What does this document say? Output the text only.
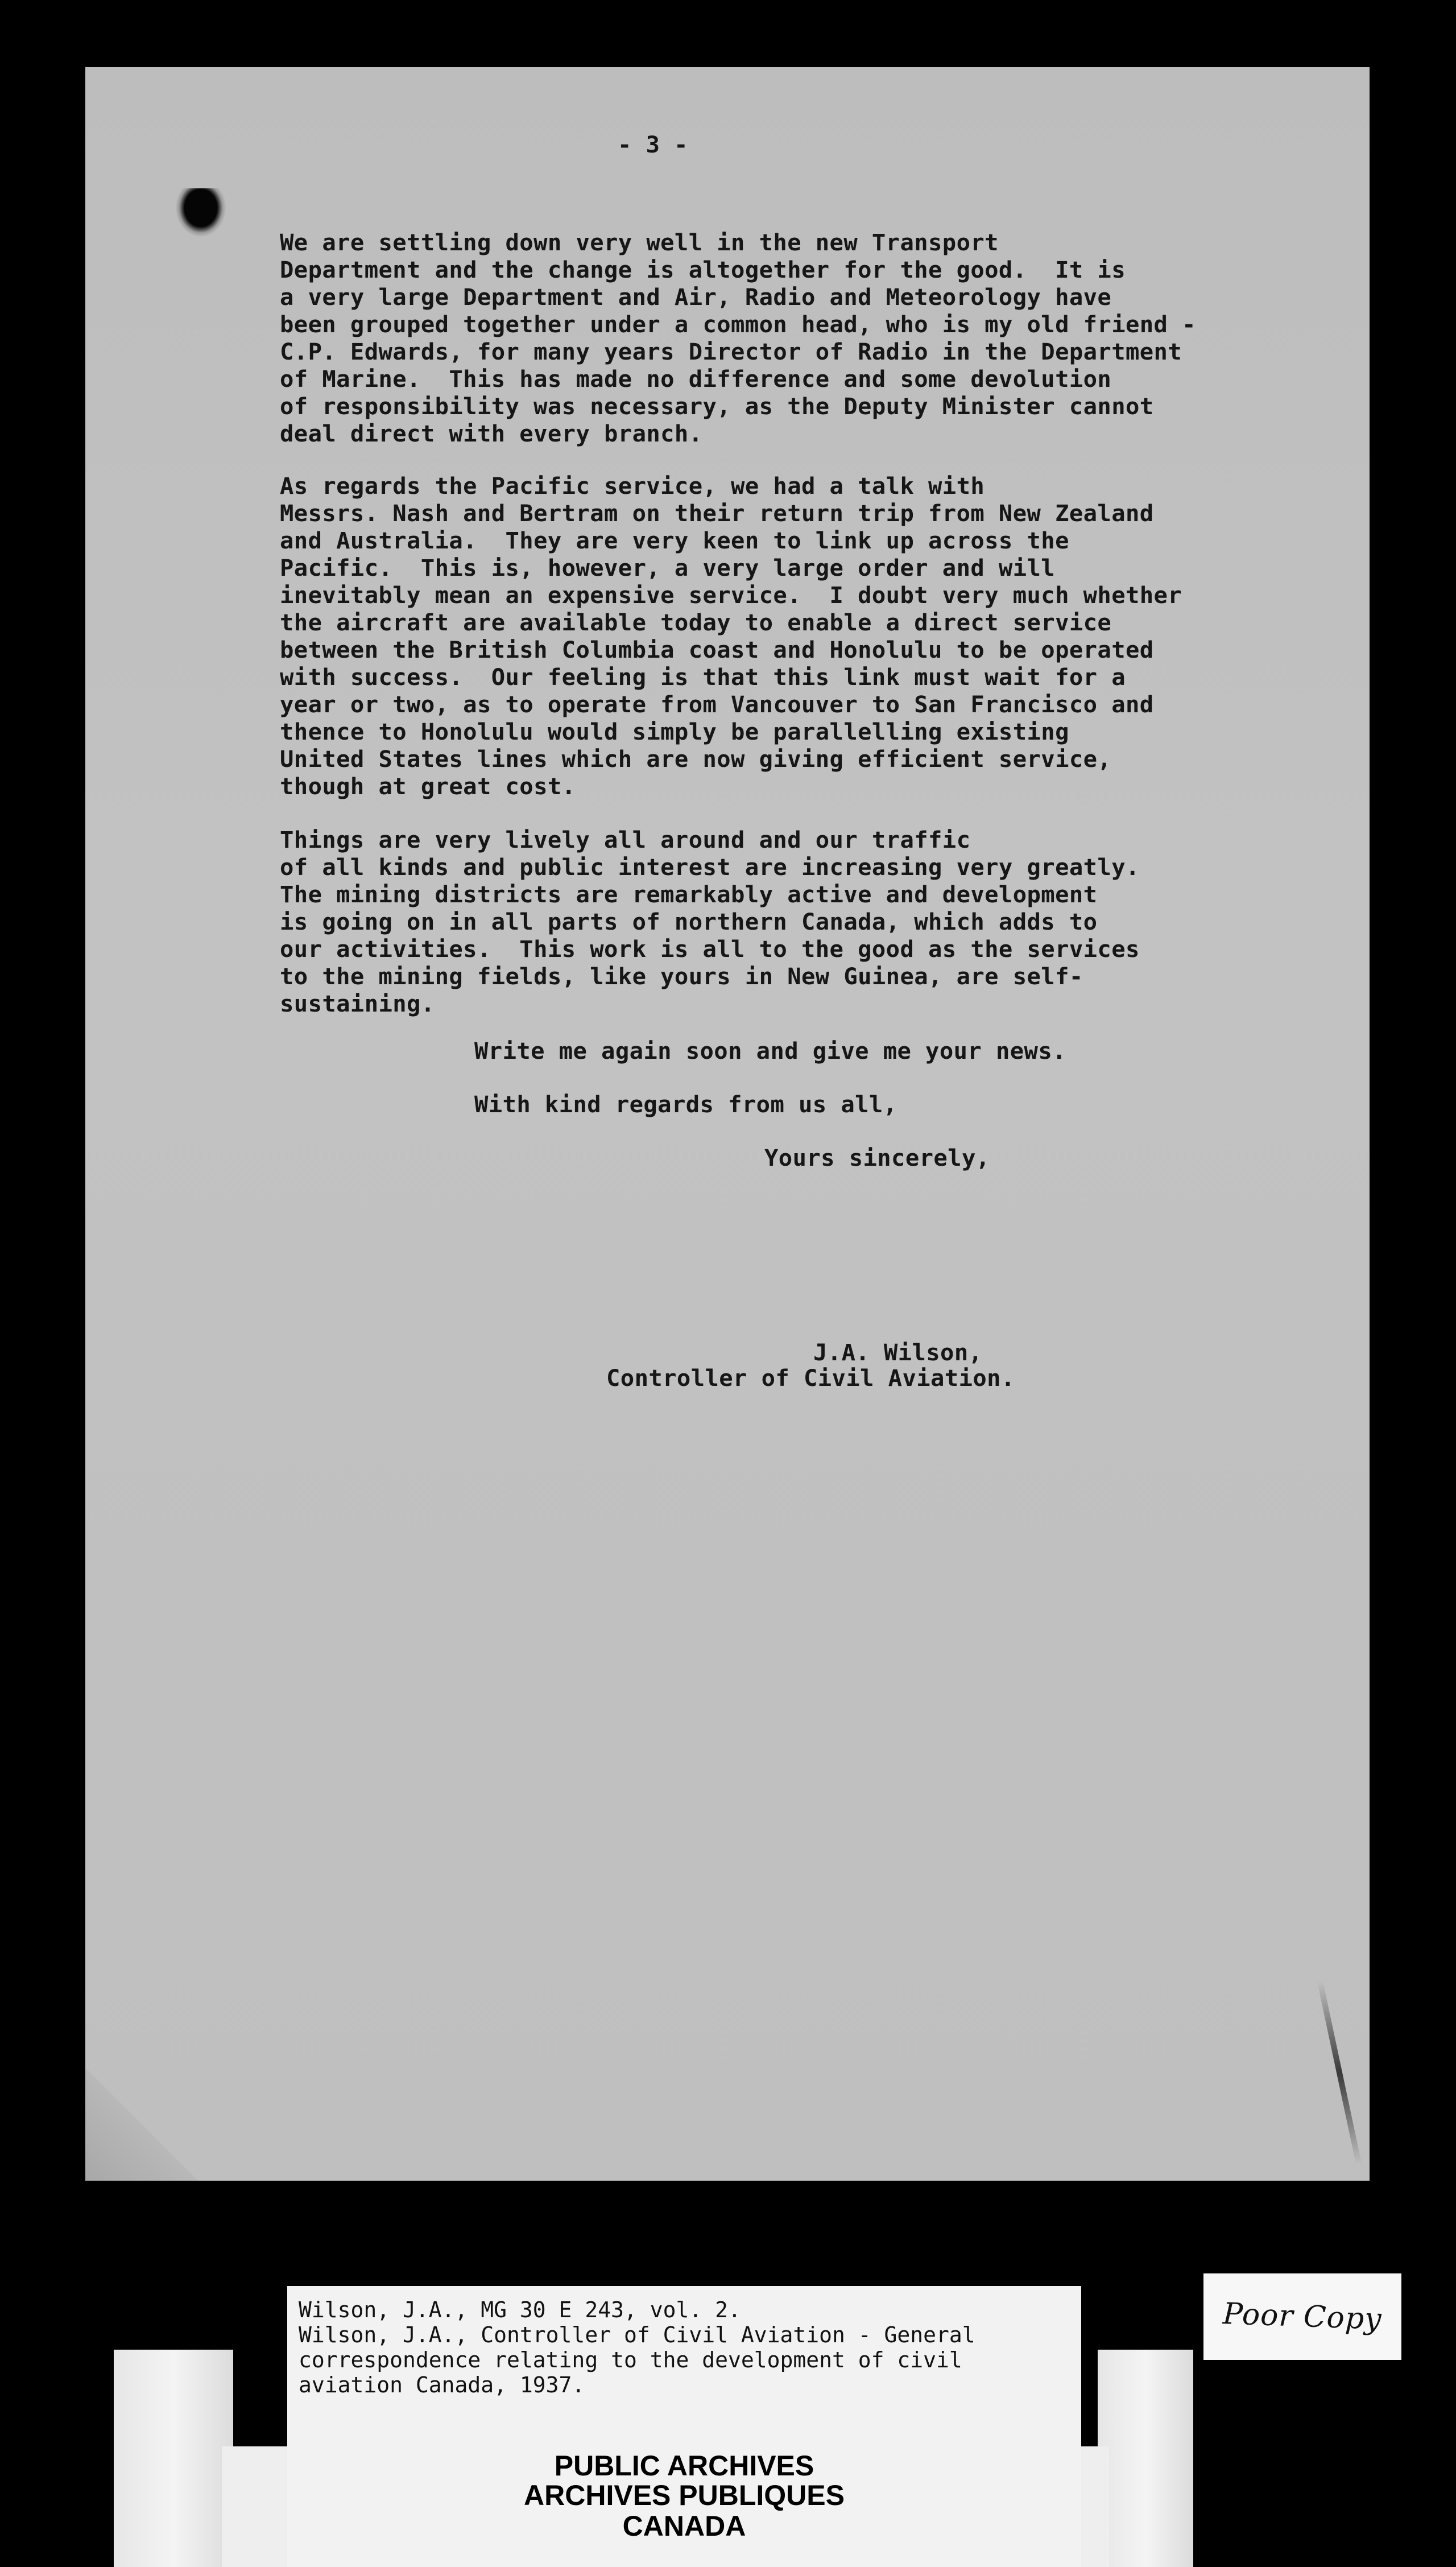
- 3 -
We are settling down very well in the new Transport
Department and the change is altogether for the good.  It is
a very large Department and Air, Radio and Meteorology have
been grouped together under a common head, who is my old friend -
C.P. Edwards, for many years Director of Radio in the Department
of Marine.  This has made no difference and some devolution
of responsibility was necessary, as the Deputy Minister cannot
deal direct with every branch.
As regards the Pacific service, we had a talk with
Messrs. Nash and Bertram on their return trip from New Zealand
and Australia.  They are very keen to link up across the
Pacific.  This is, however, a very large order and will
inevitably mean an expensive service.  I doubt very much whether
the aircraft are available today to enable a direct service
between the British Columbia coast and Honolulu to be operated
with success.  Our feeling is that this link must wait for a
year or two, as to operate from Vancouver to San Francisco and
thence to Honolulu would simply be parallelling existing
United States lines which are now giving efficient service,
though at great cost.
Things are very lively all around and our traffic
of all kinds and public interest are increasing very greatly.
The mining districts are remarkably active and development
is going on in all parts of northern Canada, which adds to
our activities.  This work is all to the good as the services
to the mining fields, like yours in New Guinea, are self-
sustaining.
Write me again soon and give me your news.
With kind regards from us all,
Yours sincerely,
J.A. Wilson,
Controller of Civil Aviation.
Wilson, J.A., MG 30 E 243, vol. 2.
Wilson, J.A., Controller of Civil Aviation - General
correspondence relating to the development of civil
aviation Canada, 1937.
PUBLIC ARCHIVES
ARCHIVES PUBLIQUES
CANADA
Poor Copy
